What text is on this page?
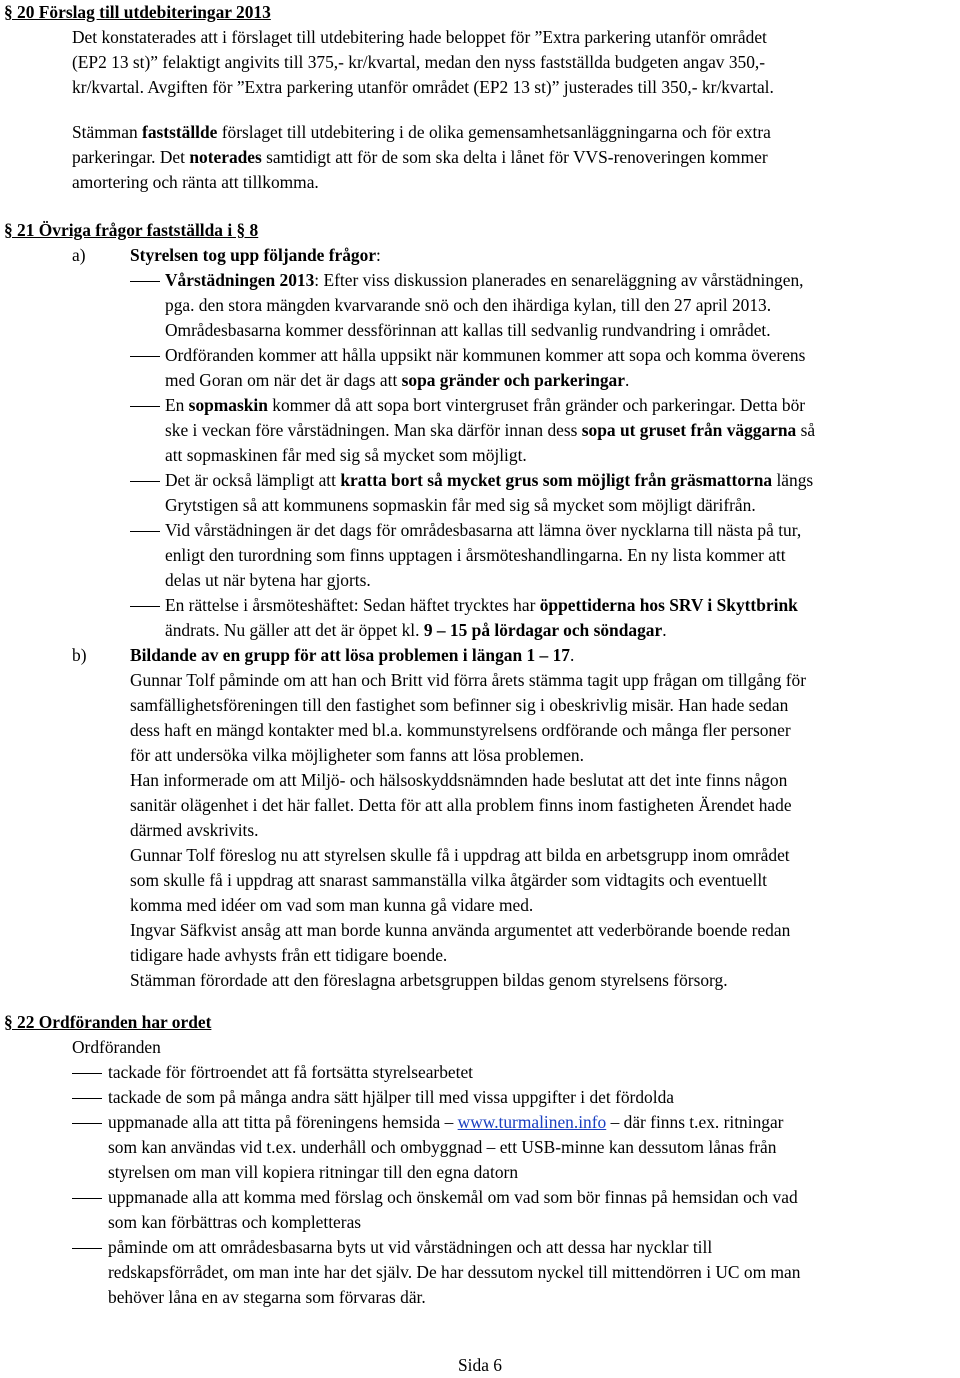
§ 20 Förslag till utdebiteringar 2013
Det konstaterades att i förslaget till utdebitering hade beloppet för ”Extra parkering utanför området
(EP2 13 st)” felaktigt angivits till 375,- kr/kvartal, medan den nyss fastställda budgeten angav 350,-
kr/kvartal. Avgiften för ”Extra parkering utanför området (EP2 13 st)” justerades till 350,- kr/kvartal.
Stämman fastställde förslaget till utdebitering i de olika gemensamhetsanläggningarna och för extra
parkeringar. Det noterades samtidigt att för de som ska delta i lånet för VVS-renoveringen kommer
amortering och ränta att tillkomma.
§ 21 Övriga frågor fastställda i § 8
a)	Styrelsen tog upp följande frågor:
Vårstädningen 2013: Efter viss diskussion planerades en senareläggning av vårstädningen,
pga. den stora mängden kvarvarande snö och den ihärdiga kylan, till den 27 april 2013.
Områdesbasarna kommer dessförinnan att kallas till sedvanlig rundvandring i området.
Ordföranden kommer att hålla uppsikt när kommunen kommer att sopa och komma överens
med Goran om när det är dags att sopa gränder och parkeringar.
En sopmaskin kommer då att sopa bort vintergruset från gränder och parkeringar. Detta bör
ske i veckan före vårstädningen. Man ska därför innan dess sopa ut gruset från väggarna så
att sopmaskinen får med sig så mycket som möjligt.
Det är också lämpligt att kratta bort så mycket grus som möjligt från gräsmattorna längs
Grytstigen så att kommunens sopmaskin får med sig så mycket som möjligt därifrån.
Vid vårstädningen är det dags för områdesbasarna att lämna över nycklarna till nästa på tur,
enligt den turordning som finns upptagen i årsmöteshandlingarna. En ny lista kommer att
delas ut när bytena har gjorts.
En rättelse i årsmöteshäftet: Sedan häftet trycktes har öppettiderna hos SRV i Skyttbrink
ändrats. Nu gäller att det är öppet kl. 9 – 15 på lördagar och söndagar.
b)	Bildande av en grupp för att lösa problemen i längan 1 – 17.
Gunnar Tolf påminde om att han och Britt vid förra årets stämma tagit upp frågan om tillgång för
samfällighetsföreningen till den fastighet som befinner sig i obeskrivlig misär. Han hade sedan
dess haft en mängd kontakter med bl.a. kommunstyrelsens ordförande och många fler personer
för att undersöka vilka möjligheter som fanns att lösa problemen.
Han informerade om att Miljö- och hälsoskyddsnämnden hade beslutat att det inte finns någon
sanitär olägenhet i det här fallet. Detta för att alla problem finns inom fastigheten Ärendet hade
därmed avskrivits.
Gunnar Tolf föreslog nu att styrelsen skulle få i uppdrag att bilda en arbetsgrupp inom området
som skulle få i uppdrag att snarast sammanställa vilka åtgärder som vidtagits och eventuellt
komma med idéer om vad som man kunna gå vidare med.
Ingvar Säfkvist ansåg att man borde kunna använda argumentet att vederbörande boende redan
tidigare hade avhysts från ett tidigare boende.
Stämman förordade att den föreslagna arbetsgruppen bildas genom styrelsens försorg.
§ 22 Ordföranden har ordet
Ordföranden
tackade för förtroendet att få fortsätta styrelsearbetet
tackade de som på många andra sätt hjälper till med vissa uppgifter i det fördolda
uppmanade alla att titta på föreningens hemsida – www.turmalinen.info – där finns t.ex. ritningar
som kan användas vid t.ex. underhåll och ombyggnad – ett USB-minne kan dessutom lånas från
styrelsen om man vill kopiera ritningar till den egna datorn
uppmanade alla att komma med förslag och önskemål om vad som bör finnas på hemsidan och vad
som kan förbättras och kompletteras
påminde om att områdesbasarna byts ut vid vårstädningen och att dessa har nycklar till
redskapsförrådet, om man inte har det själv. De har dessutom nyckel till mittendörren i UC om man
behöver låna en av stegarna som förvaras där.
Sida 6
